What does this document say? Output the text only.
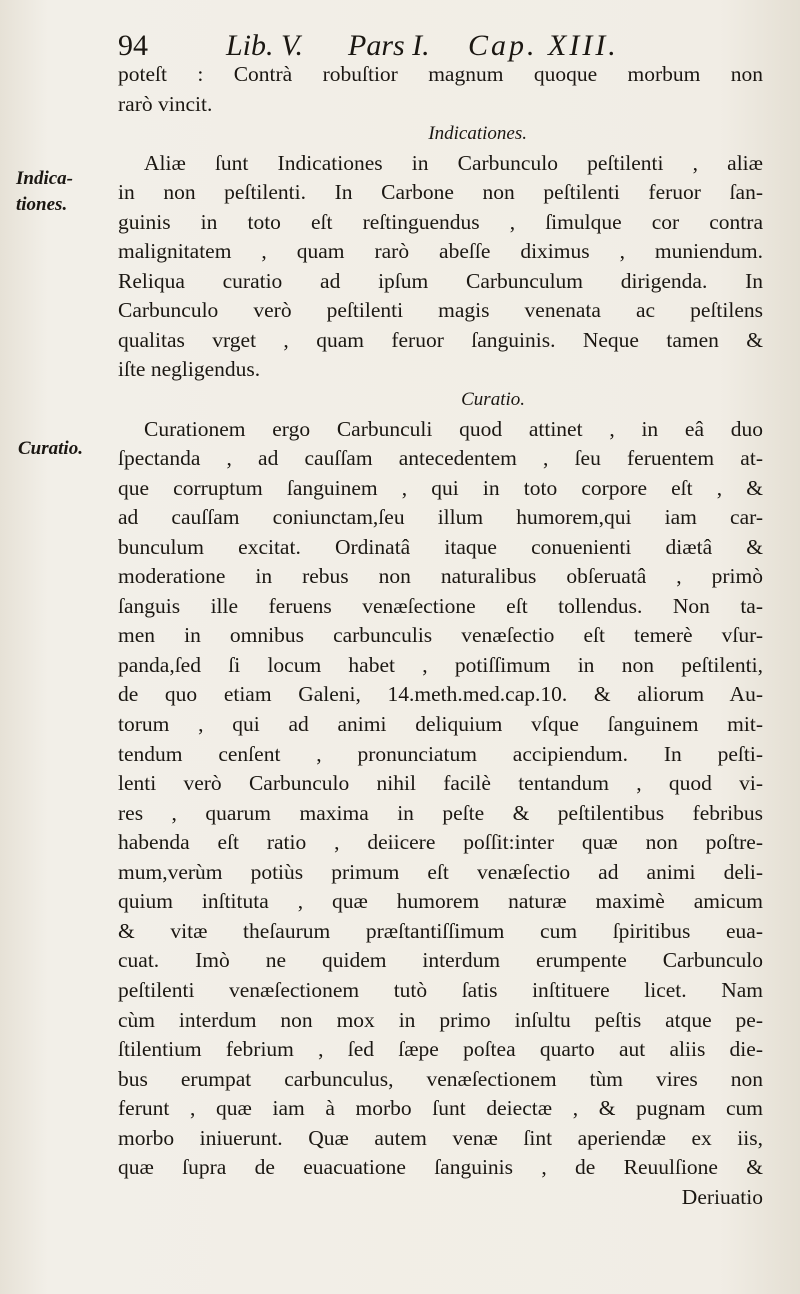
94	Lib. V. Pars I. Cap. XIII.
Indica-
tiones.
Curatio.
poteſt : Contrà robuſtior magnum quoque morbum non
rarò vincit.
Indicationes.
Aliæ ſunt Indicationes in Carbunculo peſtilenti , aliæ
in non peſtilenti. In Carbone non peſtilenti feruor ſan-
guinis in toto eſt reſtinguendus , ſimulque cor contra
malignitatem , quam rarò abeſſe diximus , muniendum.
Reliqua curatio ad ipſum Carbunculum dirigenda. In
Carbunculo verò peſtilenti magis venenata ac peſtilens
qualitas vrget , quam feruor ſanguinis. Neque tamen &
iſte negligendus.
Curatio.
Curationem ergo Carbunculi quod attinet , in eâ duo
ſpectanda , ad cauſſam antecedentem , ſeu feruentem at-
que corruptum ſanguinem , qui in toto corpore eſt , &
ad cauſſam coniunctam,ſeu illum humorem,qui iam car-
bunculum excitat. Ordinatâ itaque conuenienti diætâ &
moderatione in rebus non naturalibus obſeruatâ , primò
ſanguis ille feruens venæſectione eſt tollendus. Non ta-
men in omnibus carbunculis venæſectio eſt temerè vſur-
panda,ſed ſi locum habet , potiſſimum in non peſtilenti,
de quo etiam Galeni, 14.meth.med.cap.10. & aliorum Au-
torum , qui ad animi deliquium vſque ſanguinem mit-
tendum cenſent , pronunciatum accipiendum. In peſti-
lenti verò Carbunculo nihil facilè tentandum , quod vi-
res , quarum maxima in peſte & peſtilentibus febribus
habenda eſt ratio , deiicere poſſit:inter quæ non poſtre-
mum,verùm potiùs primum eſt venæſectio ad animi deli-
quium inſtituta , quæ humorem naturæ maximè amicum
& vitæ theſaurum præſtantiſſimum cum ſpiritibus eua-
cuat. Imò ne quidem interdum erumpente Carbunculo
peſtilenti venæſectionem tutò ſatis inſtituere licet. Nam
cùm interdum non mox in primo inſultu peſtis atque pe-
ſtilentium febrium , ſed ſæpe poſtea quarto aut aliis die-
bus erumpat carbunculus, venæſectionem tùm vires non
ferunt , quæ iam à morbo ſunt deiectæ , & pugnam cum
morbo iniuerunt. Quæ autem venæ ſint aperiendæ ex iis,
quæ ſupra de euacuatione ſanguinis , de Reuulſione &
Deriuatio
